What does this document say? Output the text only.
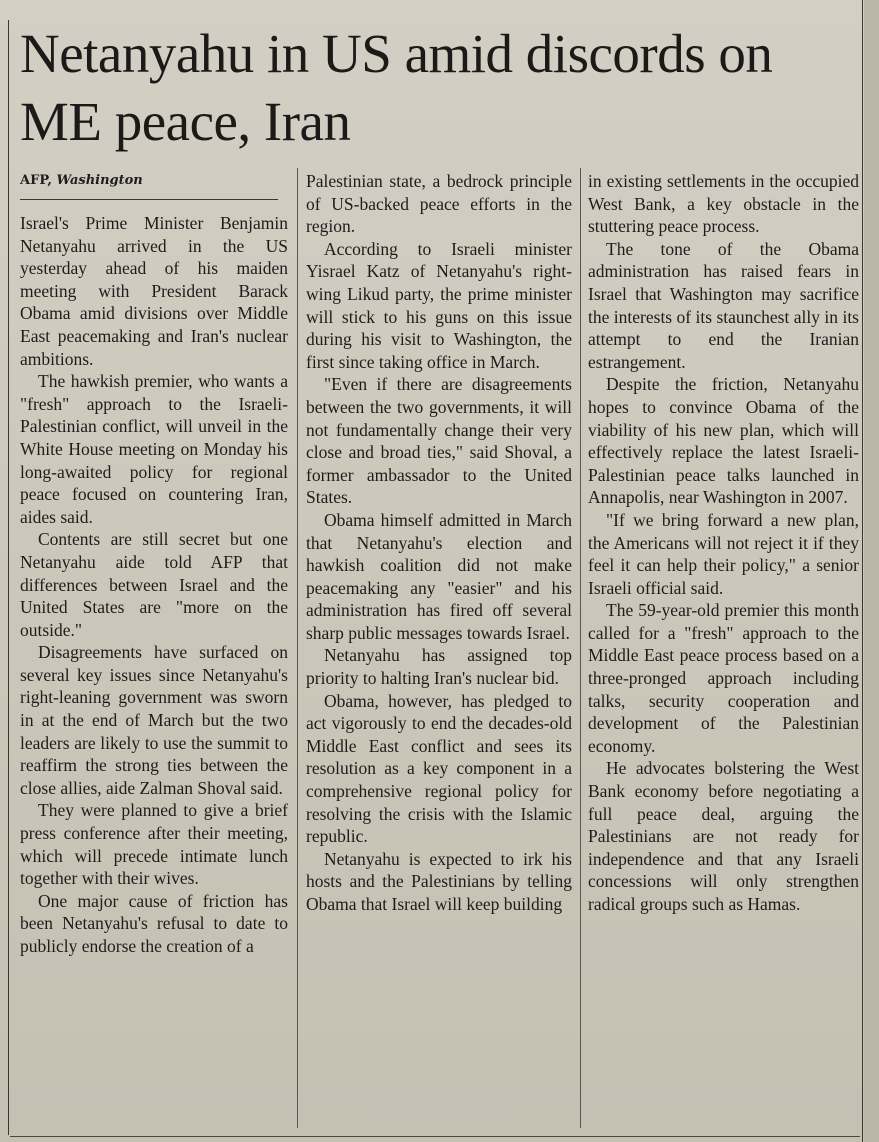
Netanyahu in US amid discords on ME peace, Iran
AFP, Washington

Israel's Prime Minister Benjamin Netanyahu arrived in the US yesterday ahead of his maiden meeting with President Barack Obama amid divisions over Middle East peacemaking and Iran's nuclear ambitions.

The hawkish premier, who wants a "fresh" approach to the Israeli-Palestinian conflict, will unveil in the White House meeting on Monday his long-awaited policy for regional peace focused on countering Iran, aides said.

Contents are still secret but one Netanyahu aide told AFP that differences between Israel and the United States are "more on the outside."

Disagreements have surfaced on several key issues since Netanyahu's right-leaning government was sworn in at the end of March but the two leaders are likely to use the summit to reaffirm the strong ties between the close allies, aide Zalman Shoval said.

They were planned to give a brief press conference after their meeting, which will precede intimate lunch together with their wives.

One major cause of friction has been Netanyahu's refusal to date to publicly endorse the creation of a

Palestinian state, a bedrock principle of US-backed peace efforts in the region.

According to Israeli minister Yisrael Katz of Netanyahu's right-wing Likud party, the prime minister will stick to his guns on this issue during his visit to Washington, the first since taking office in March.

"Even if there are disagreements between the two governments, it will not fundamentally change their very close and broad ties," said Shoval, a former ambassador to the United States.

Obama himself admitted in March that Netanyahu's election and hawkish coalition did not make peacemaking any "easier" and his administration has fired off several sharp public messages towards Israel.

Netanyahu has assigned top priority to halting Iran's nuclear bid.

Obama, however, has pledged to act vigorously to end the decades-old Middle East conflict and sees its resolution as a key component in a comprehensive regional policy for resolving the crisis with the Islamic republic.

Netanyahu is expected to irk his hosts and the Palestinians by telling Obama that Israel will keep building

in existing settlements in the occupied West Bank, a key obstacle in the stuttering peace process.

The tone of the Obama administration has raised fears in Israel that Washington may sacrifice the interests of its staunchest ally in its attempt to end the Iranian estrangement.

Despite the friction, Netanyahu hopes to convince Obama of the viability of his new plan, which will effectively replace the latest Israeli-Palestinian peace talks launched in Annapolis, near Washington in 2007.

"If we bring forward a new plan, the Americans will not reject it if they feel it can help their policy," a senior Israeli official said.

The 59-year-old premier this month called for a "fresh" approach to the Middle East peace process based on a three-pronged approach including talks, security cooperation and development of the Palestinian economy.

He advocates bolstering the West Bank economy before negotiating a full peace deal, arguing the Palestinians are not ready for independence and that any Israeli concessions will only strengthen radical groups such as Hamas.
